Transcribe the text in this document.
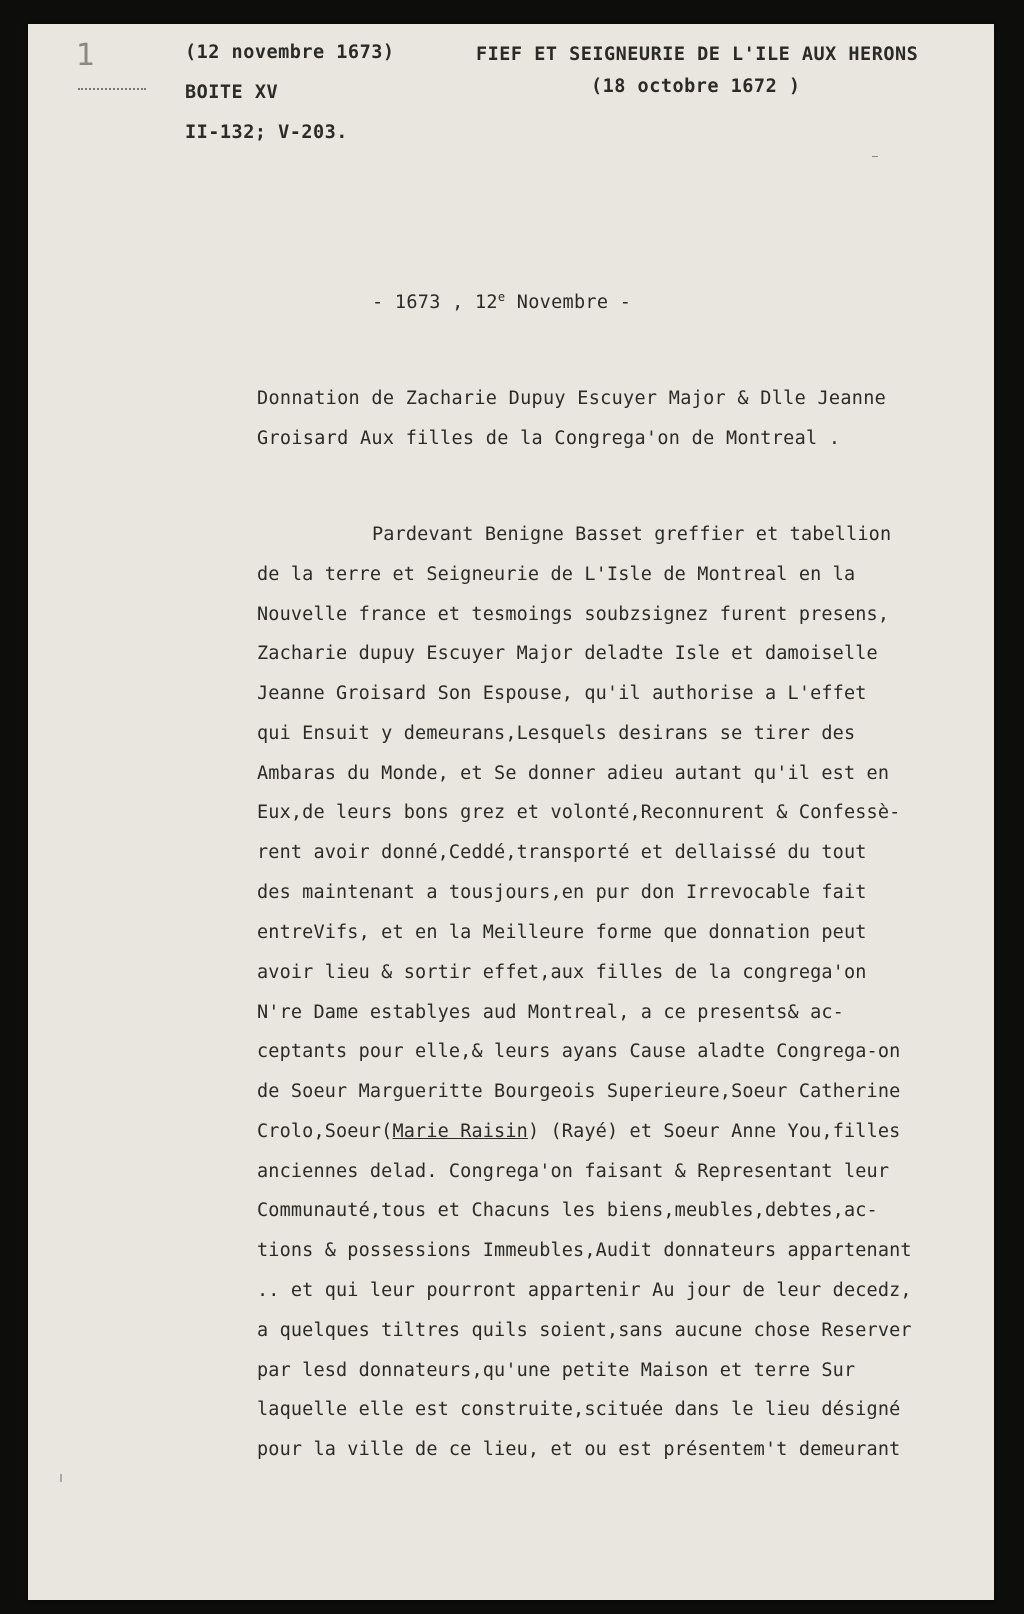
1	(12 novembre 1673)
BOITE XV
II-132; V-203.
FIEF ET SEIGNEURIE DE L'ILE AUX HERONS
(18 octobre 1672 )
- 1673 , 12e Novembre -
Donnation de Zacharie Dupuy Escuyer Major & Dlle Jeanne
Groisard Aux filles de la Congrega'on de Montreal .
Pardevant Benigne Basset greffier et tabellion
de la terre et Seigneurie de L'Isle de Montreal en la
Nouvelle france et tesmoings soubzsignez furent presens,
Zacharie dupuy Escuyer Major deladte Isle et damoiselle
Jeanne Groisard Son Espouse, qu'il authorise a L'effet
qui Ensuit y demeurans,Lesquels desirans se tirer des
Ambaras du Monde, et Se donner adieu autant qu'il est en
Eux,de leurs bons grez et volonté,Reconnurent & Confessè-
rent avoir donné,Ceddé,transporté et dellaissé du tout
des maintenant a tousjours,en pur don Irrevocable fait
entreVifs, et en la Meilleure forme que donnation peut
avoir lieu & sortir effet,aux filles de la congrega'on
N're Dame establyes aud Montreal, a ce presents& ac-
ceptants pour elle,& leurs ayans Cause aladte Congrega-on
de Soeur Margueritte Bourgeois Superieure,Soeur Catherine
Crolo,Soeur(Marie Raisin) (Rayé) et Soeur Anne You,filles
anciennes delad. Congrega'on faisant & Representant leur
Communauté,tous et Chacuns les biens,meubles,debtes,ac-
tions & possessions Immeubles,Audit donnateurs appartenant
.. et qui leur pourront appartenir Au jour de leur decedz,
a quelques tiltres quils soient,sans aucune chose Reserver
par lesd donnateurs,qu'une petite Maison et terre Sur
laquelle elle est construite,scituée dans le lieu désigné
pour la ville de ce lieu, et ou est présentem't demeurant
